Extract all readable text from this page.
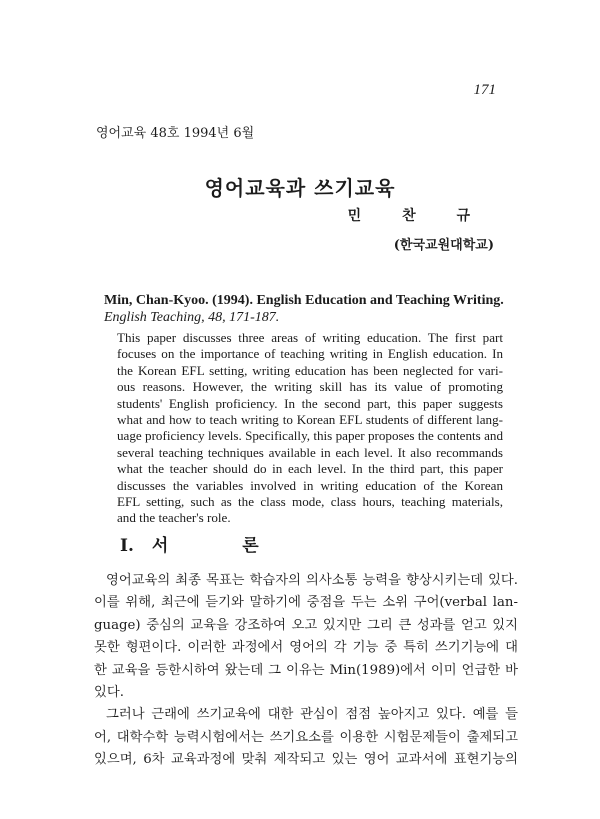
171
영어교육 48호 1994년 6월
영어교육과 쓰기교육
민 찬 규
(한국교원대학교)
Min, Chan-Kyoo. (1994). English Education and Teaching Writing.
English Teaching, 48, 171-187.
This paper discusses three areas of writing education. The first part
focuses on the importance of teaching writing in English education. In
the Korean EFL setting, writing education has been neglected for vari-
ous reasons. However, the writing skill has its value of promoting
students' English proficiency. In the second part, this paper suggests
what and how to teach writing to Korean EFL students of different lang-
uage proficiency levels. Specifically, this paper proposes the contents and
several teaching techniques available in each level. It also recommands
what the teacher should do in each level. In the third part, this paper
discusses the variables involved in writing education of the Korean
EFL setting, such as the class mode, class hours, teaching materials,
and the teacher's role.
I. 서 론
영어교육의 최종 목표는 학습자의 의사소통 능력을 향상시키는데 있다.
이를 위해, 최근에 듣기와 말하기에 중점을 두는 소위 구어(verbal lan-
guage) 중심의 교육을 강조하여 오고 있지만 그리 큰 성과를 얻고 있지
못한 형편이다. 이러한 과정에서 영어의 각 기능 중 특히 쓰기기능에 대
한 교육을 등한시하여 왔는데 그 이유는 Min(1989)에서 이미 언급한 바
있다.
그러나 근래에 쓰기교육에 대한 관심이 점점 높아지고 있다. 예를 들
어, 대학수학 능력시험에서는 쓰기요소를 이용한 시험문제들이 출제되고
있으며, 6차 교육과정에 맞춰 제작되고 있는 영어 교과서에 표현기능의
